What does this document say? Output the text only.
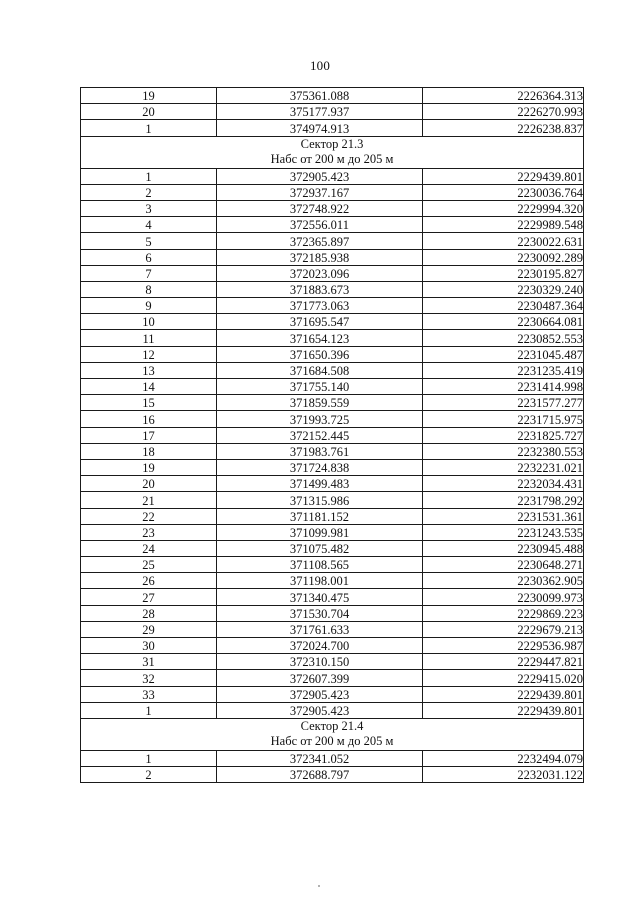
100
19	375361.088	2226364.313
20	375177.937	2226270.993
1	374974.913	2226238.837

Сектор 21.3
Набс от 200 м до 205 м		

1	372905.423	2229439.801
2	372937.167	2230036.764
3	372748.922	2229994.320
4	372556.011	2229989.548
5	372365.897	2230022.631
6	372185.938	2230092.289
7	372023.096	2230195.827
8	371883.673	2230329.240
9	371773.063	2230487.364
10	371695.547	2230664.081
11	371654.123	2230852.553
12	371650.396	2231045.487
13	371684.508	2231235.419
14	371755.140	2231414.998
15	371859.559	2231577.277
16	371993.725	2231715.975
17	372152.445	2231825.727
18	371983.761	2232380.553
19	371724.838	2232231.021
20	371499.483	2232034.431
21	371315.986	2231798.292
22	371181.152	2231531.361
23	371099.981	2231243.535
24	371075.482	2230945.488
25	371108.565	2230648.271
26	371198.001	2230362.905
27	371340.475	2230099.973
28	371530.704	2229869.223
29	371761.633	2229679.213
30	372024.700	2229536.987
31	372310.150	2229447.821
32	372607.399	2229415.020
33	372905.423	2229439.801
1	372905.423	2229439.801

Сектор 21.4
Набс от 200 м до 205 м		

1	372341.052	2232494.079
2	372688.797	2232031.122
